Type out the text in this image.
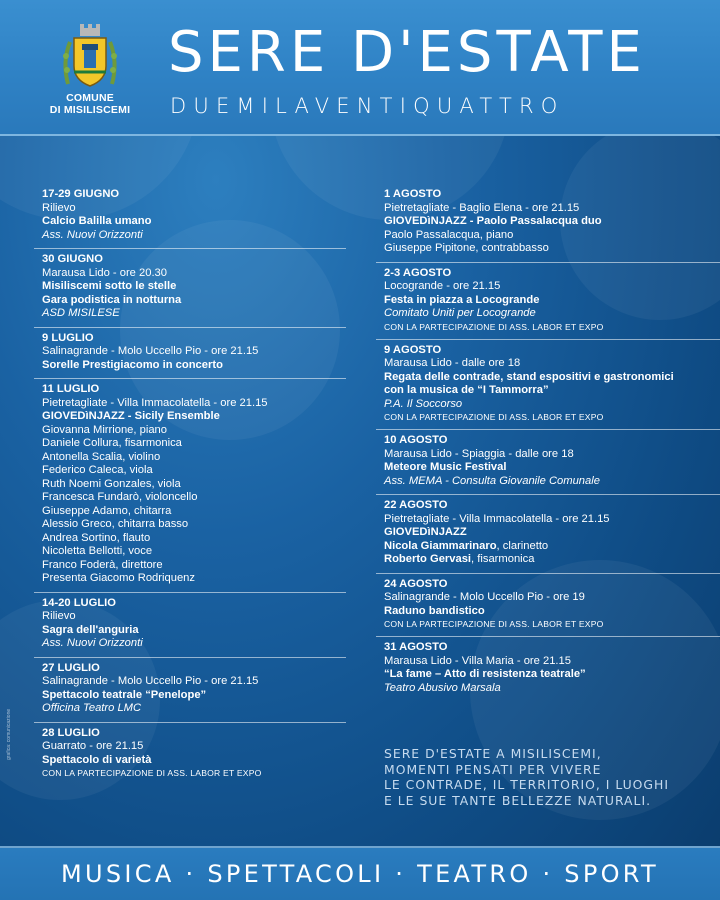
COMUNE
DI MISILISCEMI
SERE D'ESTATE
DUEMILAVENTIQUATTRO
17-29 GIUGNO
Rilievo
Calcio Balilla umano
Ass. Nuovi Orizzonti
30 GIUGNO
Marausa Lido - ore 20.30
Misiliscemi sotto le stelle
Gara podistica in notturna
ASD MISILESE
9 LUGLIO
Salinagrande - Molo Uccello Pio - ore 21.15
Sorelle Prestigiacomo in concerto
11 LUGLIO
Pietretagliate - Villa Immacolatella - ore 21.15
GIOVEDìNJAZZ - Sicily Ensemble
Giovanna Mirrione, piano
Daniele Collura, fisarmonica
Antonella Scalia, violino
Federico Caleca, viola
Ruth Noemi Gonzales, viola
Francesca Fundarò, violoncello
Giuseppe Adamo, chitarra
Alessio Greco, chitarra basso
Andrea Sortino, flauto
Nicoletta Bellotti, voce
Franco Foderà, direttore
Presenta Giacomo Rodriquenz
14-20 LUGLIO
Rilievo
Sagra dell'anguria
Ass. Nuovi Orizzonti
27 LUGLIO
Salinagrande - Molo Uccello Pio - ore 21.15
Spettacolo teatrale “Penelope”
Officina Teatro LMC
28 LUGLIO
Guarrato - ore 21.15
Spettacolo di varietà
CON LA PARTECIPAZIONE DI ASS. LABOR ET EXPO
1 AGOSTO
Pietretagliate - Baglio Elena - ore 21.15
GIOVEDìNJAZZ - Paolo Passalacqua duo
Paolo Passalacqua, piano
Giuseppe Pipitone, contrabbasso
2-3 AGOSTO
Locogrande - ore 21.15
Festa in piazza a Locogrande
Comitato Uniti per Locogrande
CON LA PARTECIPAZIONE DI ASS. LABOR ET EXPO
9 AGOSTO
Marausa Lido - dalle ore 18
Regata delle contrade, stand espositivi e gastronomici
con la musica de “I Tammorra”
P.A. Il Soccorso
CON LA PARTECIPAZIONE DI ASS. LABOR ET EXPO
10 AGOSTO
Marausa Lido - Spiaggia - dalle ore 18
Meteore Music Festival
Ass. MEMA - Consulta Giovanile Comunale
22 AGOSTO
Pietretagliate - Villa Immacolatella - ore 21.15
GIOVEDìNJAZZ
Nicola Giammarinaro, clarinetto
Roberto Gervasi, fisarmonica
24 AGOSTO
Salinagrande - Molo Uccello Pio - ore 19
Raduno bandistico
CON LA PARTECIPAZIONE DI ASS. LABOR ET EXPO
31 AGOSTO
Marausa Lido - Villa Maria - ore 21.15
“La fame – Atto di resistenza teatrale”
Teatro Abusivo Marsala
SERE D'ESTATE A MISILISCEMI,
MOMENTI PENSATI PER VIVERE
LE CONTRADE, IL TERRITORIO, I LUOGHI
E LE SUE TANTE BELLEZZE NATURALI.
grafica: comunicazione
MUSICA · SPETTACOLI · TEATRO · SPORT
